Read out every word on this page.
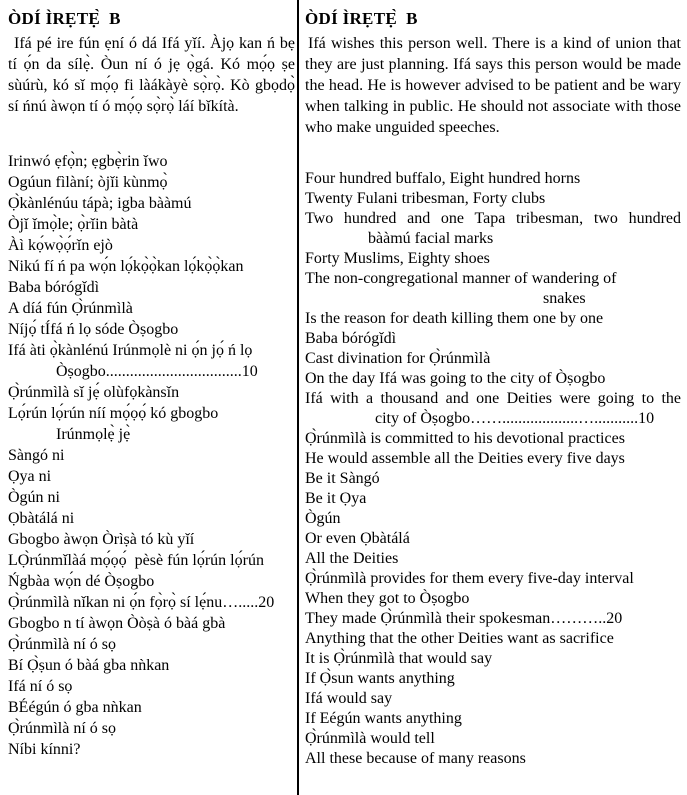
ÒDÍ ÌRẸTẸ̀  B

Ifá pé ire fún ẹní ó dá Ifá yǐí. Àjọ kan ń bẹ tí ọ́n da sílẹ̀. Òun ní ó jẹ ọ̀gá. Kó mọ́ọ ṣe sùúrù, kó sǐ mọ́ọ fi làákàyè sọ̀rọ̀. Kò gbọdọ̀ sí ńnú àwọn tí ó mọ́ọ sọ̀rọ̀ láí bǐkítà.

Irinwó ẹfọ̀n; ẹgbẹ̀rin ǐwo
Ogúun fìlàní; òjǐi kùnmọ̀
Ọ̀kànlénúu tápà; igba bààmú
Òjǐ ǐmọ̀le; ọ̀rǐin bàtà
Àì kọ́wọ̀ọ́rǐn ejò
Nikú fí ń pa wọ́n lọ́kọ̀ọ̀kan lọ́kọ̀ọ̀kan
Baba bórógǐdì
A díá fún Ọ̀rúnmìlà
Níjọ́ tÍfá ń lọ sóde Òṣogbo
Ifá àti ọ̀kànlénú Irúnmọlè ni ọ́n jọ́ ń lọ
Òṣogbo..................................10
Ọ̀rúnmìlà sǐ jẹ́ olùfọkànsǐn
Lọ́rún lọ́rún níí mọ́ọọ́ kó gbogbo
Irúnmọlẹ̀ jẹ̀
Sàngó ni
Ọya ni
Ògún ni
Ọbàtálá ni
Gbogbo àwọn Òrìṣà tó kù yǐí
LỌ̀rúnmǐlàá mọ́ọọ́  pèsè fún lọ́rún lọ́rún
Ńgbàa wọ́n dé Òṣogbo
Ọ̀rúnmìlà nǐkan ni ọ́n fọ̀rọ̀ sí lẹ́nu….....20
Gbogbo n tí àwọn Òòṣà ó bàá gbà
Ọ̀rúnmìlà ní ó sọ
Bí Ọ̀ṣun ó bàá gba nǹkan
Ifá ní ó sọ
BÉégún ó gba nǹkan
Ọ̀rúnmìlà ní ó sọ
Níbi kínni?
ÒDÍ ÌRẸTẸ̀  B

Ifá wishes this person well. There is a kind of union that they are just planning. Ifá says this person would be made the head. He is however advised to be patient and be wary when talking in public. He should not associate with those who make unguided speeches.

Four hundred buffalo, Eight hundred horns
Twenty Fulani tribesman, Forty clubs
Two hundred and one Tapa tribesman, two hundred
bààmú facial marks
Forty Muslims, Eighty shoes
The non-congregational manner of wandering of
snakes
Is the reason for death killing them one by one
Baba bórógǐdì
Cast divination for Ọ̀rúnmìlà
On the day Ifá was going to the city of Òṣogbo
Ifá with a thousand and one Deities were going to the
city of Òṣogbo……...................…...........10
Ọ̀rúnmìlà is committed to his devotional practices
He would assemble all the Deities every five days
Be it Sàngó
Be it Ọya
Ògún
Or even Ọbàtálá
All the Deities
Ọ̀rúnmìlà provides for them every five-day interval
When they got to Òṣogbo
They made Ọ̀rúnmìlà their spokesman………..20
Anything that the other Deities want as sacrifice
It is Ọ̀rúnmìlà that would say
If Ọ̀sun wants anything
Ifá would say
If Eégún wants anything
Ọ̀rúnmìlà would tell
All these because of many reasons
